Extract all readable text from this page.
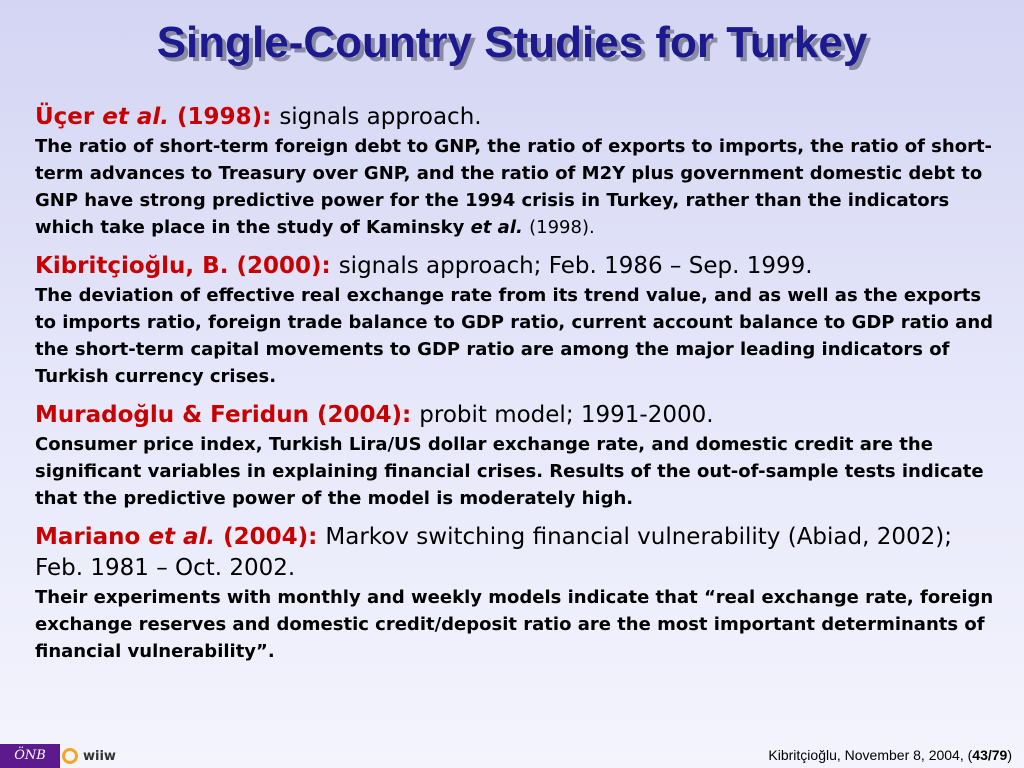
Single-Country Studies for Turkey
Üçer et al. (1998): signals approach.
The ratio of short-term foreign debt to GNP, the ratio of exports to imports, the ratio of short-term advances to Treasury over GNP, and the ratio of M2Y plus government domestic debt to GNP have strong predictive power for the 1994 crisis in Turkey, rather than the indicators which take place in the study of Kaminsky et al. (1998).
Kibritçioğlu, B. (2000): signals approach; Feb. 1986 – Sep. 1999.
The deviation of effective real exchange rate from its trend value, and as well as the exports to imports ratio, foreign trade balance to GDP ratio, current account balance to GDP ratio and the short-term capital movements to GDP ratio are among the major leading indicators of Turkish currency crises.
Muradoğlu & Feridun (2004): probit model; 1991-2000.
Consumer price index, Turkish Lira/US dollar exchange rate, and domestic credit are the significant variables in explaining financial crises. Results of the out-of-sample tests indicate that the predictive power of the model is moderately high.
Mariano et al. (2004): Markov switching financial vulnerability (Abiad, 2002); Feb. 1981 – Oct. 2002.
Their experiments with monthly and weekly models indicate that “real exchange rate, foreign exchange reserves and domestic credit/deposit ratio are the most important determinants of financial vulnerability”.
ÖNB	wiiw	Kibritçioğlu, November 8, 2004, (43/79)
